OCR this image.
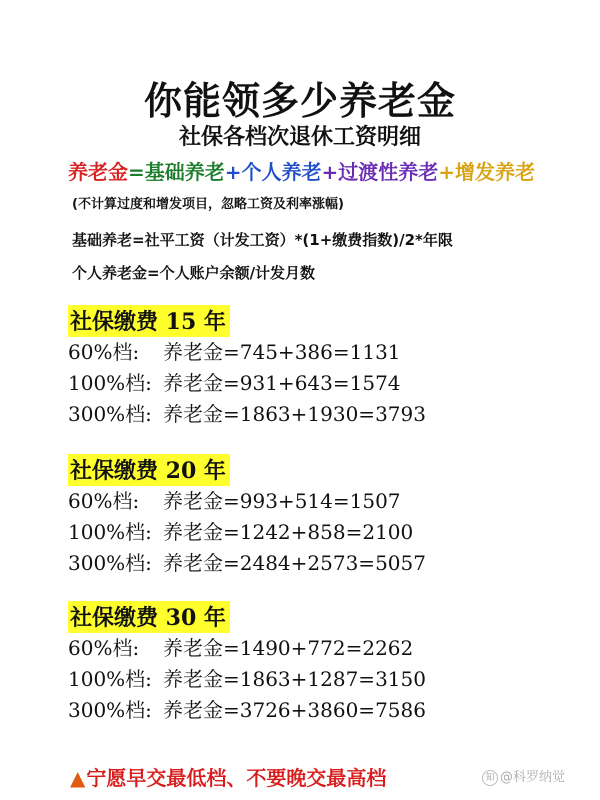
你能领多少养老金
社保各档次退休工资明细
养老金=基础养老+个人养老+过渡性养老+增发养老
(不计算过度和增发项目，忽略工资及利率涨幅)
基础养老=社平工资（计发工资）*(1+缴费指数)/2*年限
个人养老金=个人账户余额/计发月数
社保缴费 15 年
60%档: 养老金=745+386=1131
100%档: 养老金=931+643=1574
300%档: 养老金=1863+1930=3793
社保缴费 20 年
60%档: 养老金=993+514=1507
100%档: 养老金=1242+858=2100
300%档: 养老金=2484+2573=5057
社保缴费 30 年
60%档: 养老金=1490+772=2262
100%档: 养老金=1863+1287=3150
300%档: 养老金=3726+3860=7586
▲宁愿早交最低档、不要晚交最高档	知 @科罗纳觉
